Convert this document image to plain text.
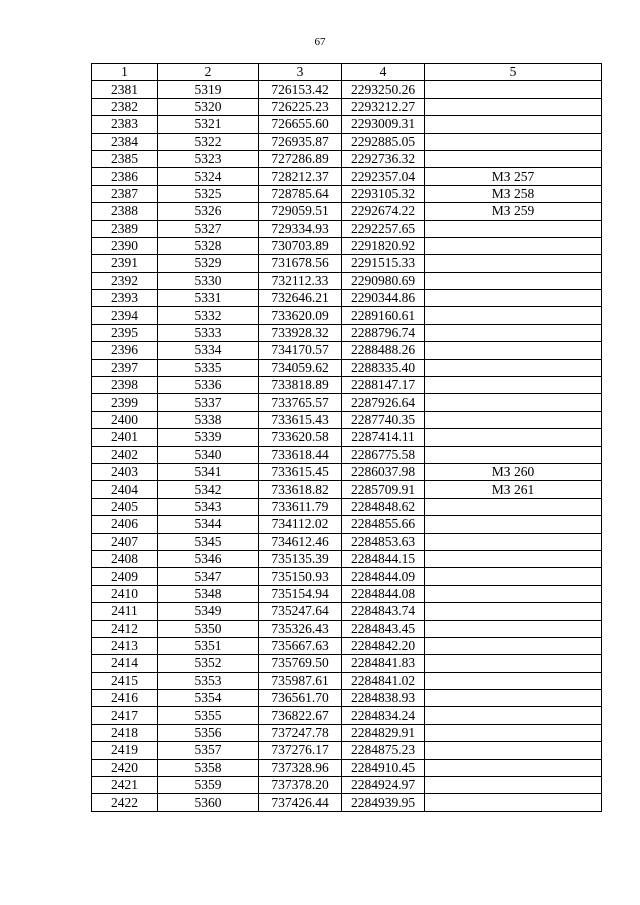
67
1	2	3	4	5
2381	5319	726153.42	2293250.26	
2382	5320	726225.23	2293212.27	
2383	5321	726655.60	2293009.31	
2384	5322	726935.87	2292885.05	
2385	5323	727286.89	2292736.32	
2386	5324	728212.37	2292357.04	МЗ 257
2387	5325	728785.64	2293105.32	МЗ 258
2388	5326	729059.51	2292674.22	МЗ 259
2389	5327	729334.93	2292257.65	
2390	5328	730703.89	2291820.92	
2391	5329	731678.56	2291515.33	
2392	5330	732112.33	2290980.69	
2393	5331	732646.21	2290344.86	
2394	5332	733620.09	2289160.61	
2395	5333	733928.32	2288796.74	
2396	5334	734170.57	2288488.26	
2397	5335	734059.62	2288335.40	
2398	5336	733818.89	2288147.17	
2399	5337	733765.57	2287926.64	
2400	5338	733615.43	2287740.35	
2401	5339	733620.58	2287414.11	
2402	5340	733618.44	2286775.58	
2403	5341	733615.45	2286037.98	МЗ 260
2404	5342	733618.82	2285709.91	МЗ 261
2405	5343	733611.79	2284848.62	
2406	5344	734112.02	2284855.66	
2407	5345	734612.46	2284853.63	
2408	5346	735135.39	2284844.15	
2409	5347	735150.93	2284844.09	
2410	5348	735154.94	2284844.08	
2411	5349	735247.64	2284843.74	
2412	5350	735326.43	2284843.45	
2413	5351	735667.63	2284842.20	
2414	5352	735769.50	2284841.83	
2415	5353	735987.61	2284841.02	
2416	5354	736561.70	2284838.93	
2417	5355	736822.67	2284834.24	
2418	5356	737247.78	2284829.91	
2419	5357	737276.17	2284875.23	
2420	5358	737328.96	2284910.45	
2421	5359	737378.20	2284924.97	
2422	5360	737426.44	2284939.95	
